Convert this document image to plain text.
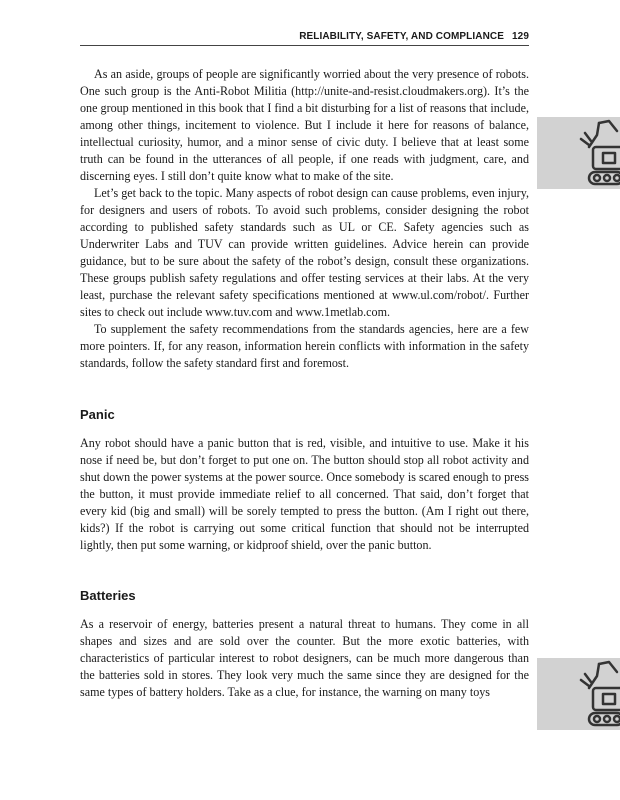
RELIABILITY, SAFETY, AND COMPLIANCE 129

As an aside, groups of people are significantly worried about the very presence of robots. One such group is the Anti-Robot Militia (http://unite-and-resist.cloudmakers.org). It’s the one group mentioned in this book that I find a bit disturbing for a list of reasons that include, among other things, incitement to violence. But I include it here for reasons of balance, intellectual curiosity, humor, and a minor sense of civic duty. I believe that at least some truth can be found in the utterances of all people, if one reads with judgment, care, and discerning eyes. I still don’t quite know what to make of the site.

Let’s get back to the topic. Many aspects of robot design can cause problems, even injury, for designers and users of robots. To avoid such problems, consider designing the robot according to published safety standards such as UL or CE. Safety agencies such as Underwriter Labs and TUV can provide written guidelines. Advice herein can provide guidance, but to be sure about the safety of the robot’s design, consult these organizations. These groups publish safety regulations and offer testing services at their labs. At the very least, purchase the relevant safety specifications mentioned at www.ul.com/robot/. Further sites to check out include www.tuv.com and www.1metlab.com.

To supplement the safety recommendations from the standards agencies, here are a few more pointers. If, for any reason, information herein conflicts with information in the safety standards, follow the safety standard first and foremost.

Panic

Any robot should have a panic button that is red, visible, and intuitive to use. Make it his nose if need be, but don’t forget to put one on. The button should stop all robot activity and shut down the power systems at the power source. Once somebody is scared enough to press the button, it must provide immediate relief to all concerned. That said, don’t forget that every kid (big and small) will be sorely tempted to press the button. (Am I right out there, kids?) If the robot is carrying out some critical function that should not be interrupted lightly, then put some warning, or kidproof shield, over the panic button.

Batteries

As a reservoir of energy, batteries present a natural threat to humans. They come in all shapes and sizes and are sold over the counter. But the more exotic batteries, with characteristics of particular interest to robot designers, can be much more dangerous than the batteries sold in stores. They look very much the same since they are designed for the same types of battery holders. Take as a clue, for instance, the warning on many toys
